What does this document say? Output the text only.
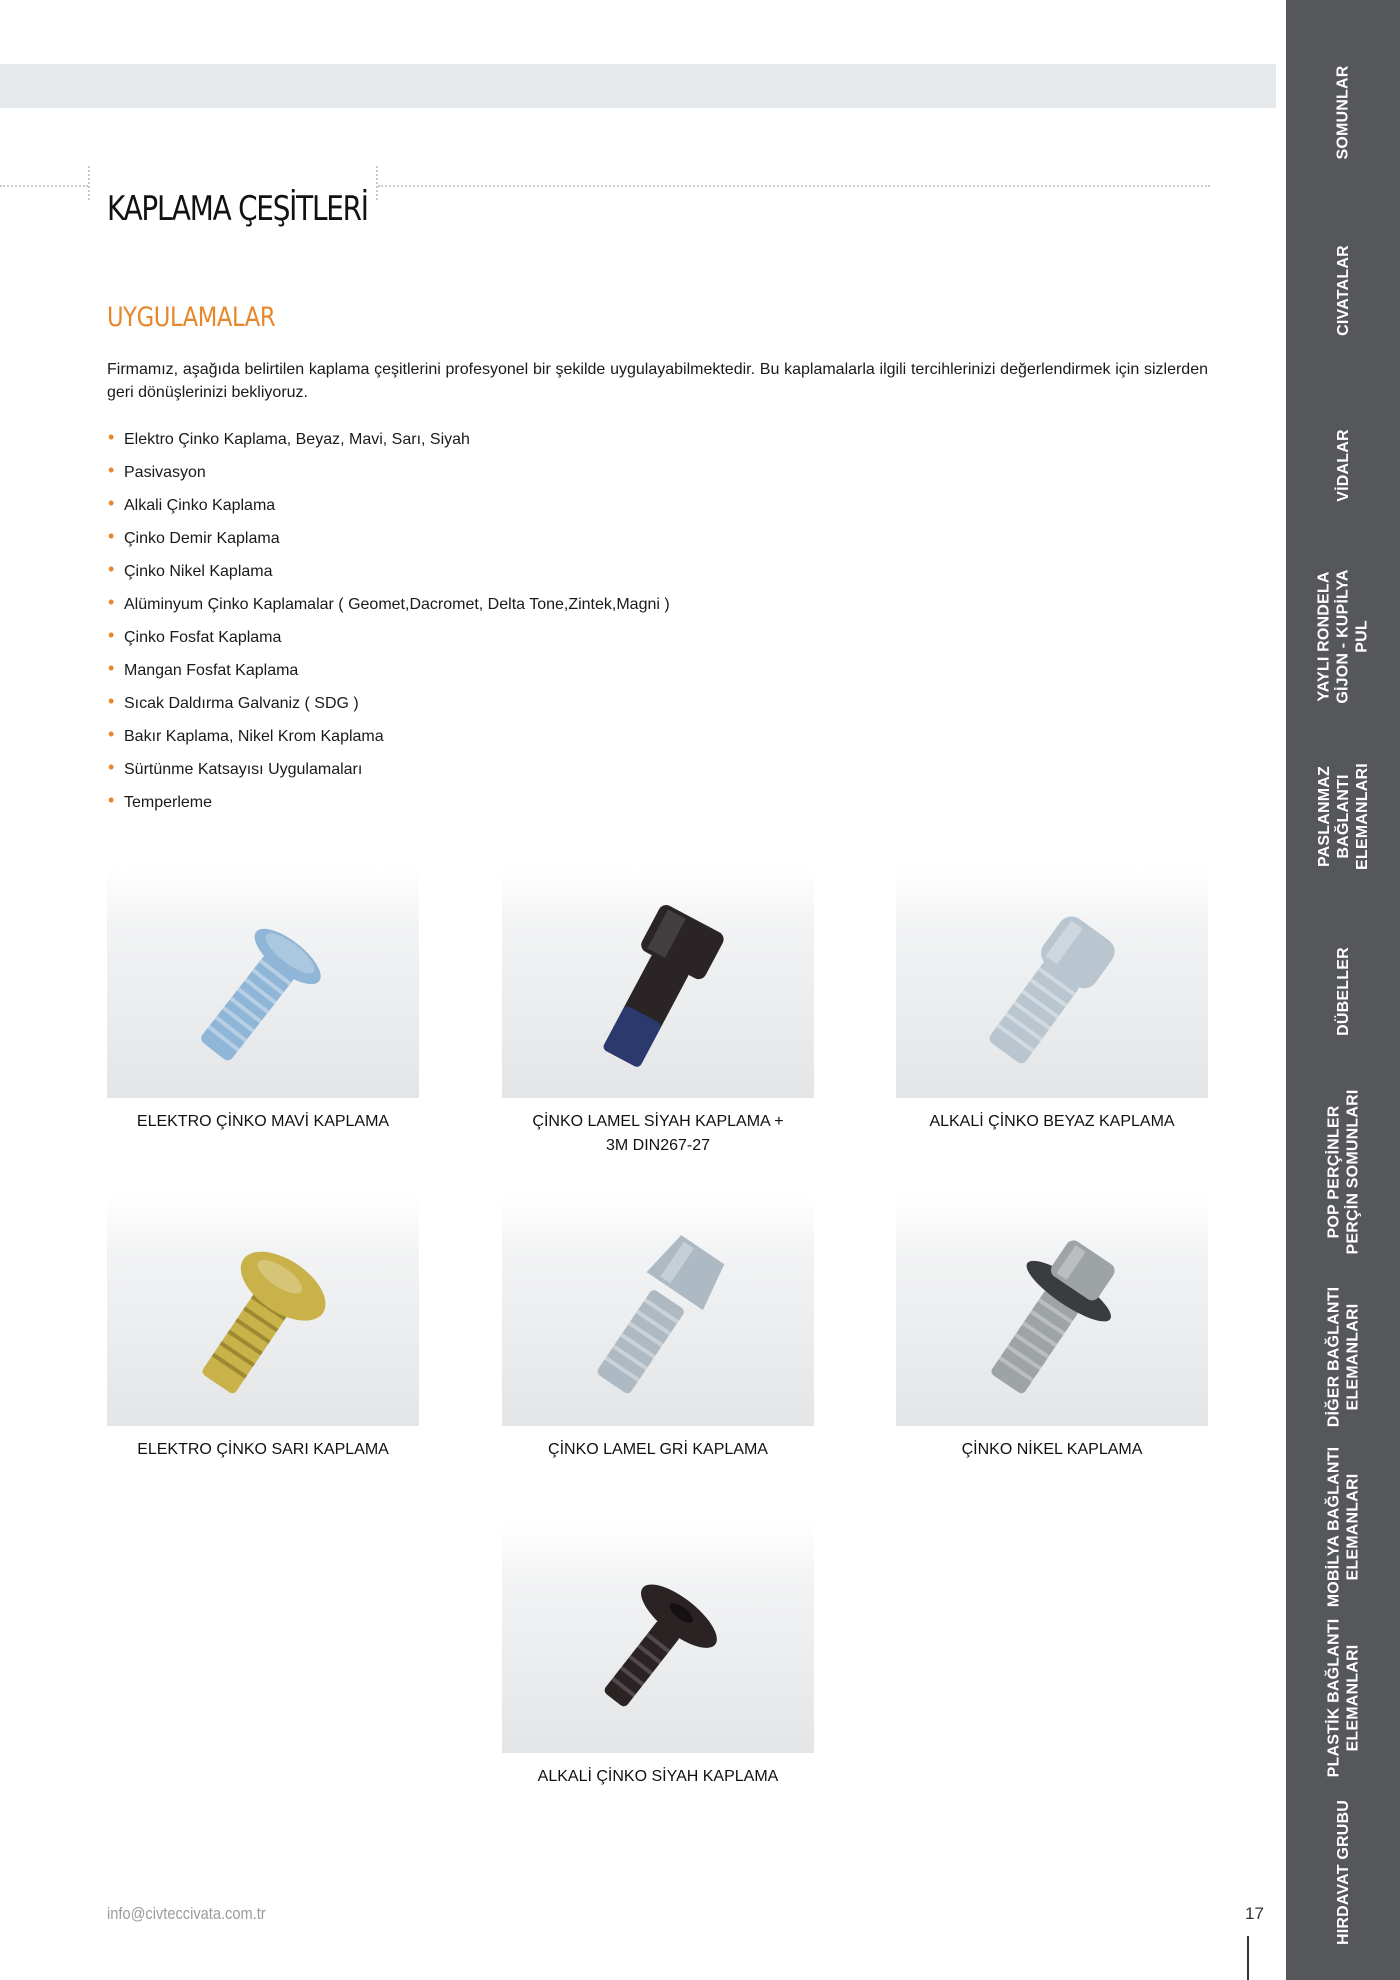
KAPLAMA ÇEŞİTLERİ
UYGULAMALAR

Firmamız, aşağıda belirtilen kaplama çeşitlerini profesyonel bir şekilde uygulayabilmektedir. Bu kaplamalarla ilgili tercihlerinizi değerlendirmek için sizlerden geri dönüşlerinizi bekliyoruz.

• Elektro Çinko Kaplama, Beyaz, Mavi, Sarı, Siyah
• Pasivasyon
• Alkali Çinko Kaplama
• Çinko Demir Kaplama
• Çinko Nikel Kaplama
• Alüminyum Çinko Kaplamalar ( Geomet,Dacromet, Delta Tone,Zintek,Magni )
• Çinko Fosfat Kaplama
• Mangan Fosfat Kaplama
• Sıcak Daldırma Galvaniz ( SDG )
• Bakır Kaplama, Nikel Krom Kaplama
• Sürtünme Katsayısı Uygulamaları
• Temperleme
ELEKTRO ÇİNKO MAVİ KAPLAMA	ÇİNKO LAMEL SİYAH KAPLAMA +
3M DIN267-27
ALKALİ ÇİNKO BEYAZ KAPLAMA
ELEKTRO ÇİNKO SARI KAPLAMA	ÇİNKO LAMEL GRİ KAPLAMA	ÇİNKO NİKEL KAPLAMA
ALKALİ ÇİNKO SİYAH KAPLAMA
SOMUNLAR
CIVATALAR
VİDALAR
YAYLI RONDELA GİJON - KUPİLYA PUL
PASLANMAZ BAĞLANTI ELEMANLARI
DÜBELLER
POP PERÇİNLER PERÇİN SOMUNLARI
DİĞER BAĞLANTI ELEMANLARI
MOBİLYA BAĞLANTI ELEMANLARI
PLASTİK BAĞLANTI ELEMANLARI
HIRDAVAT GRUBU
info@civteccivata.com.tr	17
